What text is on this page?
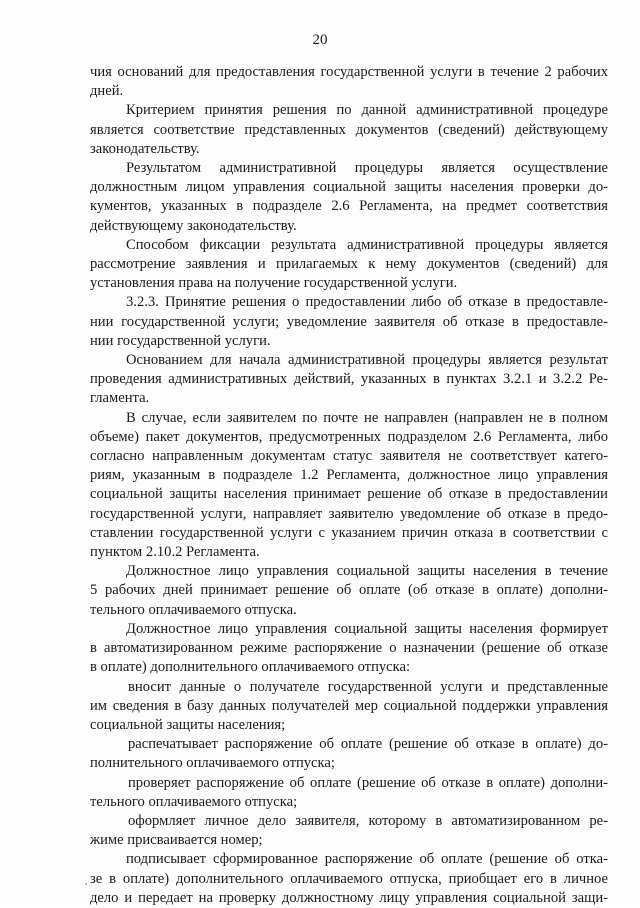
20

чия оснований для предоставления государственной услуги в течение 2 рабочих
дней.

Критерием принятия решения по данной административной процедуре
является соответствие представленных документов (сведений) действующему
законодательству.

Результатом административной процедуры является осуществление
должностным лицом управления социальной защиты населения проверки до-
кументов, указанных в подразделе 2.6 Регламента, на предмет соответствия
действующему законодательству.

Способом фиксации результата административной процедуры является
рассмотрение заявления и прилагаемых к нему документов (сведений) для
установления права на получение государственной услуги.

3.2.3. Принятие решения о предоставлении либо об отказе в предоставле-
нии государственной услуги; уведомление заявителя об отказе в предоставле-
нии государственной услуги.

Основанием для начала административной процедуры является результат
проведения административных действий, указанных в пунктах 3.2.1 и 3.2.2 Ре-
гламента.

В случае, если заявителем по почте не направлен (направлен не в полном
объеме) пакет документов, предусмотренных подразделом 2.6 Регламента, либо
согласно направленным документам статус заявителя не соответствует катего-
риям, указанным в подразделе 1.2 Регламента, должностное лицо управления
социальной защиты населения принимает решение об отказе в предоставлении
государственной услуги, направляет заявителю уведомление об отказе в предо-
ставлении государственной услуги с указанием причин отказа в соответствии с
пунктом 2.10.2 Регламента.

Должностное лицо управления социальной защиты населения в течение
5 рабочих дней принимает решение об оплате (об отказе в оплате) дополни-
тельного оплачиваемого отпуска.

Должностное лицо управления социальной защиты населения формирует
в автоматизированном режиме распоряжение о назначении (решение об отказе
в оплате) дополнительного оплачиваемого отпуска:

вносит данные о получателе государственной услуги и представленные
им сведения в базу данных получателей мер социальной поддержки управления
социальной защиты населения;

распечатывает распоряжение об оплате (решение об отказе в оплате) до-
полнительного оплачиваемого отпуска;

проверяет распоряжение об оплате (решение об отказе в оплате) дополни-
тельного оплачиваемого отпуска;

оформляет личное дело заявителя, которому в автоматизированном ре-
жиме присваивается номер;

подписывает сформированное распоряжение об оплате (решение об отка-
зе в оплате) дополнительного оплачиваемого отпуска, приобщает его в личное
дело и передает на проверку должностному лицу управления социальной защи-
